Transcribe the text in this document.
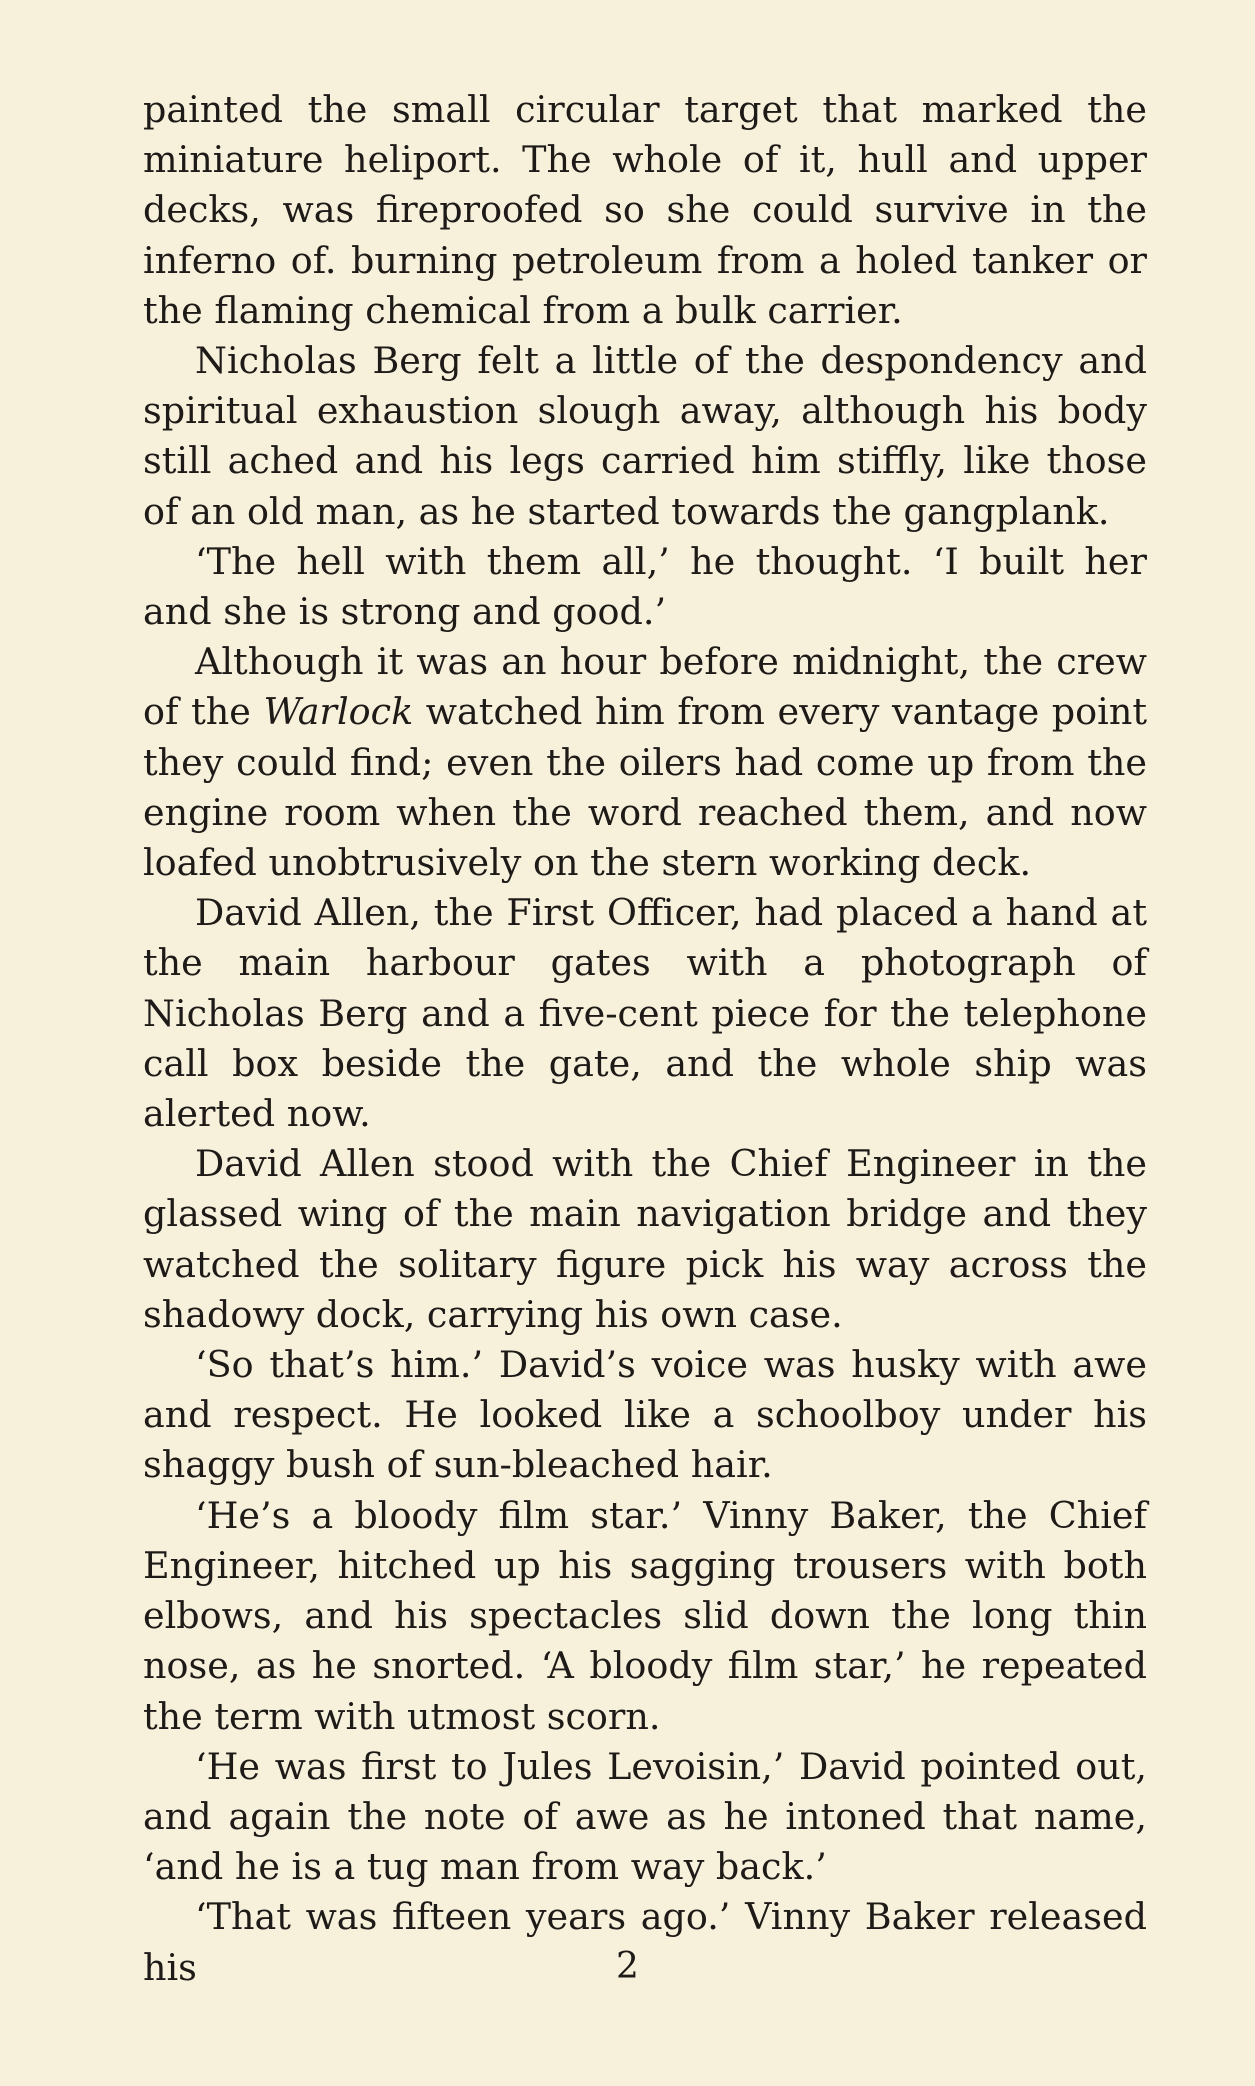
painted the small circular target that marked the miniature heliport. The whole of it, hull and upper decks, was fireproofed so she could survive in the inferno of. burning petroleum from a holed tanker or the flaming chemical from a bulk carrier.

Nicholas Berg felt a little of the despondency and spiritual exhaustion slough away, although his body still ached and his legs carried him stiffly, like those of an old man, as he started towards the gangplank.

‘The hell with them all,’ he thought. ‘I built her and she is strong and good.’

Although it was an hour before midnight, the crew of the Warlock watched him from every vantage point they could find; even the oilers had come up from the engine room when the word reached them, and now loafed unobtrusively on the stern working deck.

David Allen, the First Officer, had placed a hand at the main harbour gates with a photograph of Nicholas Berg and a five-cent piece for the telephone call box beside the gate, and the whole ship was alerted now.

David Allen stood with the Chief Engineer in the glassed wing of the main navigation bridge and they watched the solitary figure pick his way across the shadowy dock, carrying his own case.

‘So that’s him.’ David’s voice was husky with awe and respect. He looked like a schoolboy under his shaggy bush of sun-bleached hair.

‘He’s a bloody film star.’ Vinny Baker, the Chief Engineer, hitched up his sagging trousers with both elbows, and his spectacles slid down the long thin nose, as he snorted. ‘A bloody film star,’ he repeated the term with utmost scorn.

‘He was first to Jules Levoisin,’ David pointed out, and again the note of awe as he intoned that name, ‘and he is a tug man from way back.’

‘That was fifteen years ago.’ Vinny Baker released his	2
